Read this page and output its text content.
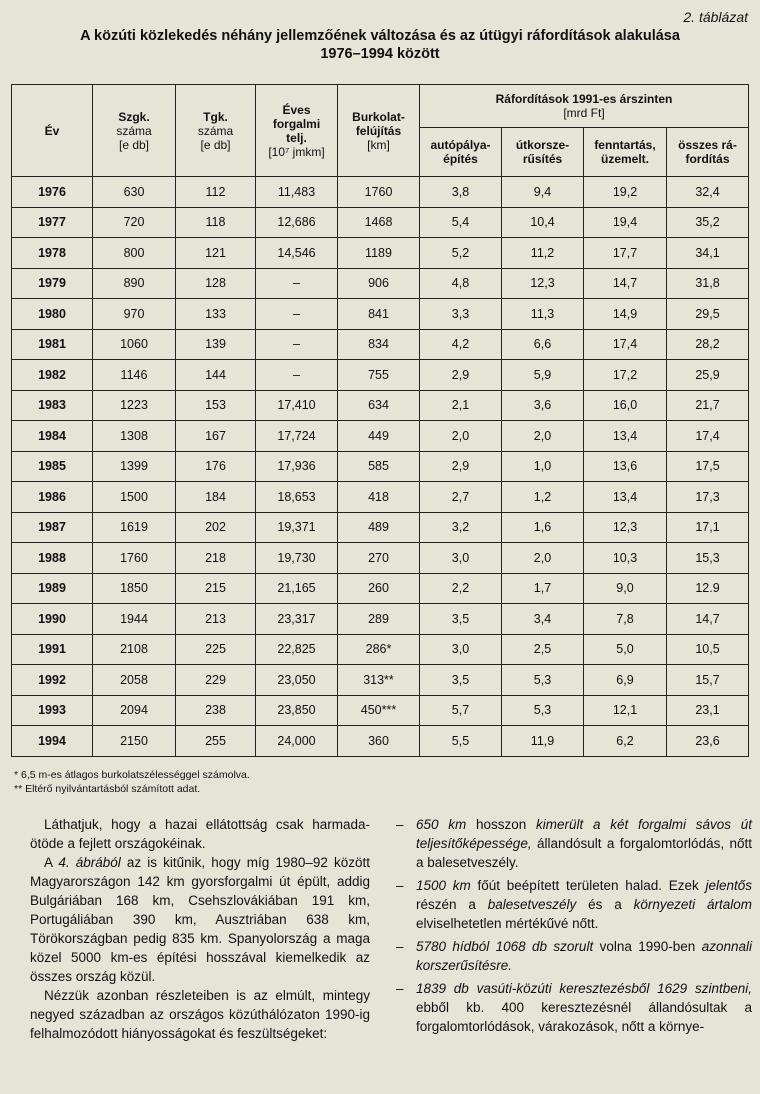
2. táblázat
A közúti közlekedés néhány jellemzőének változása és az útügyi ráfordítások alakulása
1976–1994 között
Év	Szgk.
száma
[e db]	Tgk.
száma
[e db]	Éves
forgalmi
telj.
[10⁷ jmkm]	Burkolat-
felújítás
[km]	Ráfordítások 1991-es árszinten
[mrd Ft]			

					autópálya-
építés	útkorsze-
rűsítés	fenntartás,
üzemelt.	összes rá-
fordítás

1976	630	112	11,483	1760	3,8	9,4	19,2	32,4
1977	720	118	12,686	1468	5,4	10,4	19,4	35,2
1978	800	121	14,546	1189	5,2	11,2	17,7	34,1
1979	890	128	–	906	4,8	12,3	14,7	31,8
1980	970	133	–	841	3,3	11,3	14,9	29,5
1981	1060	139	–	834	4,2	6,6	17,4	28,2
1982	1146	144	–	755	2,9	5,9	17,2	25,9
1983	1223	153	17,410	634	2,1	3,6	16,0	21,7
1984	1308	167	17,724	449	2,0	2,0	13,4	17,4
1985	1399	176	17,936	585	2,9	1,0	13,6	17,5
1986	1500	184	18,653	418	2,7	1,2	13,4	17,3
1987	1619	202	19,371	489	3,2	1,6	12,3	17,1
1988	1760	218	19,730	270	3,0	2,0	10,3	15,3
1989	1850	215	21,165	260	2,2	1,7	9,0	12.9
1990	1944	213	23,317	289	3,5	3,4	7,8	14,7
1991	2108	225	22,825	286*	3,0	2,5	5,0	10,5
1992	2058	229	23,050	313**	3,5	5,3	6,9	15,7
1993	2094	238	23,850	450***	5,7	5,3	12,1	23,1
1994	2150	255	24,000	360	5,5	11,9	6,2	23,6
* 6,5 m-es átlagos burkolatszélességgel számolva.
** Eltérő nyilvántartásból számított adat.

Láthatjuk, hogy a hazai ellátottság csak harmada-ötöde a fejlett országokéinak.

A 4. ábrából az is kitűnik, hogy míg 1980–92 között Magyarországon 142 km gyorsforgalmi út épült, addig Bulgáriában 168 km, Csehszlovákiában 191 km, Portugáliában 390 km, Ausztriában 638 km, Törökországban pedig 835 km. Spanyolország a maga közel 5000 km-es építési hosszával kiemelkedik az összes ország közül.

Nézzük azonban részleteiben is az elmúlt, mintegy negyed században az országos közúthálózaton 1990-ig felhalmozódott hiányosságokat és feszültségeket:

– 650 km hosszon kimerült a két forgalmi sávos út teljesítőképessége, állandósult a forgalomtorlódás, nőtt a balesetveszély.
– 1500 km főút beépített területen halad. Ezek jelentős részén a balesetveszély és a környezeti ártalom elviselhetetlen mértékűvé nőtt.
– 5780 hídból 1068 db szorult volna 1990-ben azonnali korszerűsítésre.
– 1839 db vasúti-közúti keresztezésből 1629 szintbeni, ebből kb. 400 keresztezésnél állandósultak a forgalomtorlódások, várakozások, nőtt a környe-
